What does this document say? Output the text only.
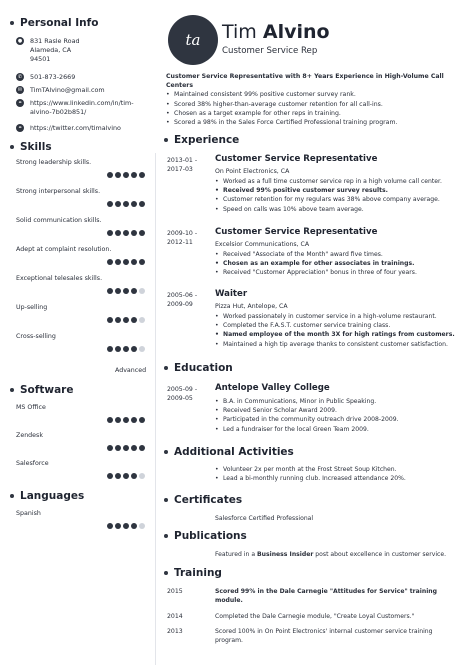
Personal Info
● 831 Rasle Road
Alameda, CA
94501
✆ 501-873-2669
✉ TimTAlvino@gmail.com
⚭ https://www.linkedin.com/in/tim-
alvino-7b02b851/
⚭ https://twitter.com/timalvino
Skills
Strong leadership skills.
Strong interpersonal skills.
Solid communication skills.
Adept at complaint resolution.
Exceptional telesales skills.
Up-selling
Cross-selling
Advanced
Software
MS Office
Zendesk
Salesforce
Languages
Spanish
ta Tim Alvino
Customer Service Rep
Customer Service Representative with 8+ Years Experience in High-Volume Call Centers
• Maintained consistent 99% positive customer survey rank.
• Scored 38% higher-than-average customer retention for all call-ins.
• Chosen as a target example for other reps in training.
• Scored a 98% in the Sales Force Certified Professional training program.
Experience
2013-01 -
2017-03
Customer Service Representative
On Point Electronics, CA
• Worked as a full time customer service rep in a high volume call center.
• Received 99% positive customer survey results.
• Customer retention for my regulars was 38% above company average.
• Speed on calls was 10% above team average.
2009-10 -
2012-11
Customer Service Representative
Excelsior Communications, CA
• Received "Associate of the Month" award five times.
• Chosen as an example for other associates in trainings.
• Received "Customer Appreciation" bonus in three of four years.
2005-06 -
2009-09
Waiter
Pizza Hut, Antelope, CA
• Worked passionately in customer service in a high-volume restaurant.
• Completed the F.A.S.T. customer service training class.
• Named employee of the month 3X for high ratings from customers.
• Maintained a high tip average thanks to consistent customer satisfaction.
Education
2005-09 -
2009-05
Antelope Valley College
• B.A. in Communications, Minor in Public Speaking.
• Received Senior Scholar Award 2009.
• Participated in the community outreach drive 2008-2009.
• Led a fundraiser for the local Green Team 2009.
Additional Activities
• Volunteer 2x per month at the Frost Street Soup Kitchen.
• Lead a bi-monthly running club. Increased attendance 20%.
Certificates
Salesforce Certified Professional
Publications
Featured in a Business Insider post about excellence in customer service.
Training
2015	Scored 99% in the Dale Carnegie "Attitudes for Service" training
module.
2014	Completed the Dale Carnegie module, "Create Loyal Customers."
2013	Scored 100% in On Point Electronics' internal customer service training
program.
